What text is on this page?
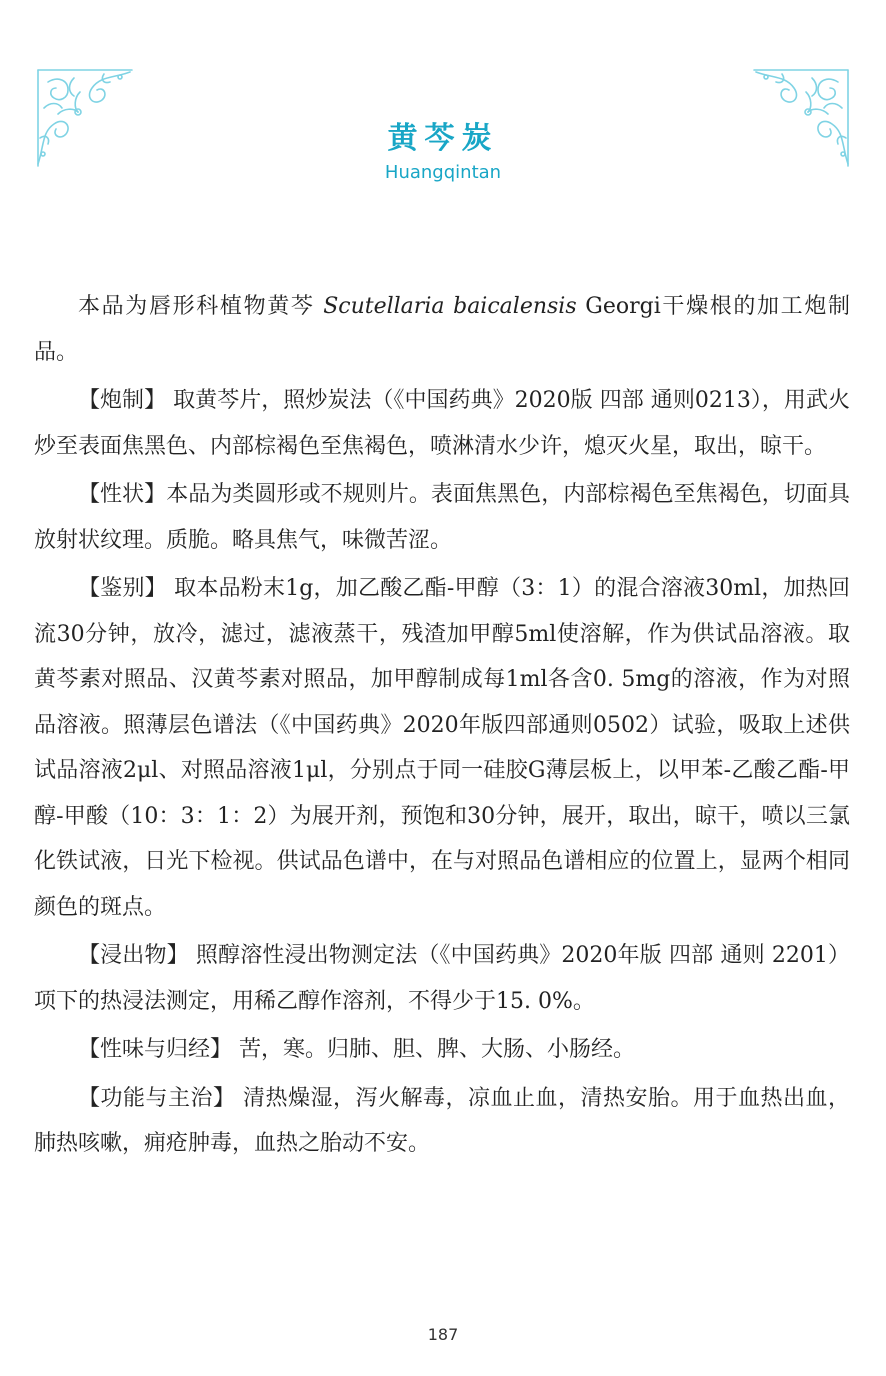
黄芩炭
Huangqintan

本品为唇形科植物黄芩 Scutellaria baicalensis Georgi干燥根的加工炮制品。

【炮制】 取黄芩片，照炒炭法（《中国药典》2020版 四部 通则0213），用武火炒至表面焦黑色、内部棕褐色至焦褐色，喷淋清水少许，熄灭火星，取出，晾干。

【性状】本品为类圆形或不规则片。表面焦黑色，内部棕褐色至焦褐色，切面具放射状纹理。质脆。略具焦气，味微苦涩。

【鉴别】 取本品粉末1g，加乙酸乙酯-甲醇（3：1）的混合溶液30ml，加热回流30分钟，放冷，滤过，滤液蒸干，残渣加甲醇5ml使溶解，作为供试品溶液。取黄芩素对照品、汉黄芩素对照品，加甲醇制成每1ml各含0. 5mg的溶液，作为对照品溶液。照薄层色谱法（《中国药典》2020年版四部通则0502）试验，吸取上述供试品溶液2μl、对照品溶液1μl，分别点于同一硅胶G薄层板上，以甲苯-乙酸乙酯-甲醇-甲酸（10：3：1：2）为展开剂，预饱和30分钟，展开，取出，晾干，喷以三氯化铁试液，日光下检视。供试品色谱中，在与对照品色谱相应的位置上，显两个相同颜色的斑点。

【浸出物】 照醇溶性浸出物测定法（《中国药典》2020年版 四部 通则 2201）项下的热浸法测定，用稀乙醇作溶剂，不得少于15. 0%。

【性味与归经】 苦，寒。归肺、胆、脾、大肠、小肠经。

【功能与主治】 清热燥湿，泻火解毒，凉血止血，清热安胎。用于血热出血，肺热咳嗽，痈疮肿毒，血热之胎动不安。

187
